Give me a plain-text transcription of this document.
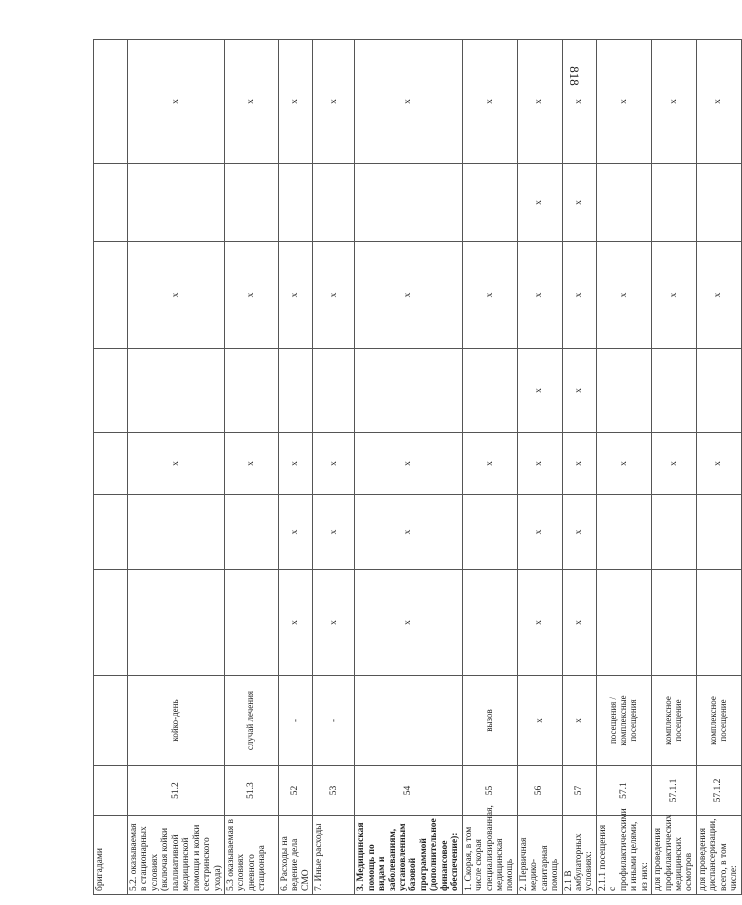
бригадами									
5.2. оказываемая в стационарных условиях (включая койки паллиативной медицинской помощи и койки сестринского ухода)	51.2	койко-день			х		х		х
5.3 оказываемая в условиях дневного стационара	51.3	случай лечения			х		х		х
6. Расходы на ведение дела СМО	52	-	х	х	х		х		х
7. Иные расходы	53	-	х	х	х		х		х
3. Медицинская помощь по видам и заболеваниям, установленным базовой программой (дополнительное финансовое обеспечение):	54		х	х	х		х		х
1. Скорая, в том числе скорая специализированная, медицинская помощь	55	вызов			х		х		х
2. Первичная медико-санитарная помощь	56	х	х	х	х	х	х	х	х
2.1 В амбулаторных условиях:	57	х	х	х	х	х	х	х	х
2.1.1 посещения с профилактическими и иными целями, из них:	57.1	посещения / комплексные посещения			х		х		х
для проведения профилактических медицинских осмотров	57.1.1	комплексное посещение			х		х		х
для проведения диспансеризации, всего, в том числе:	57.1.2	комплексное посещение			х		х		х
818
